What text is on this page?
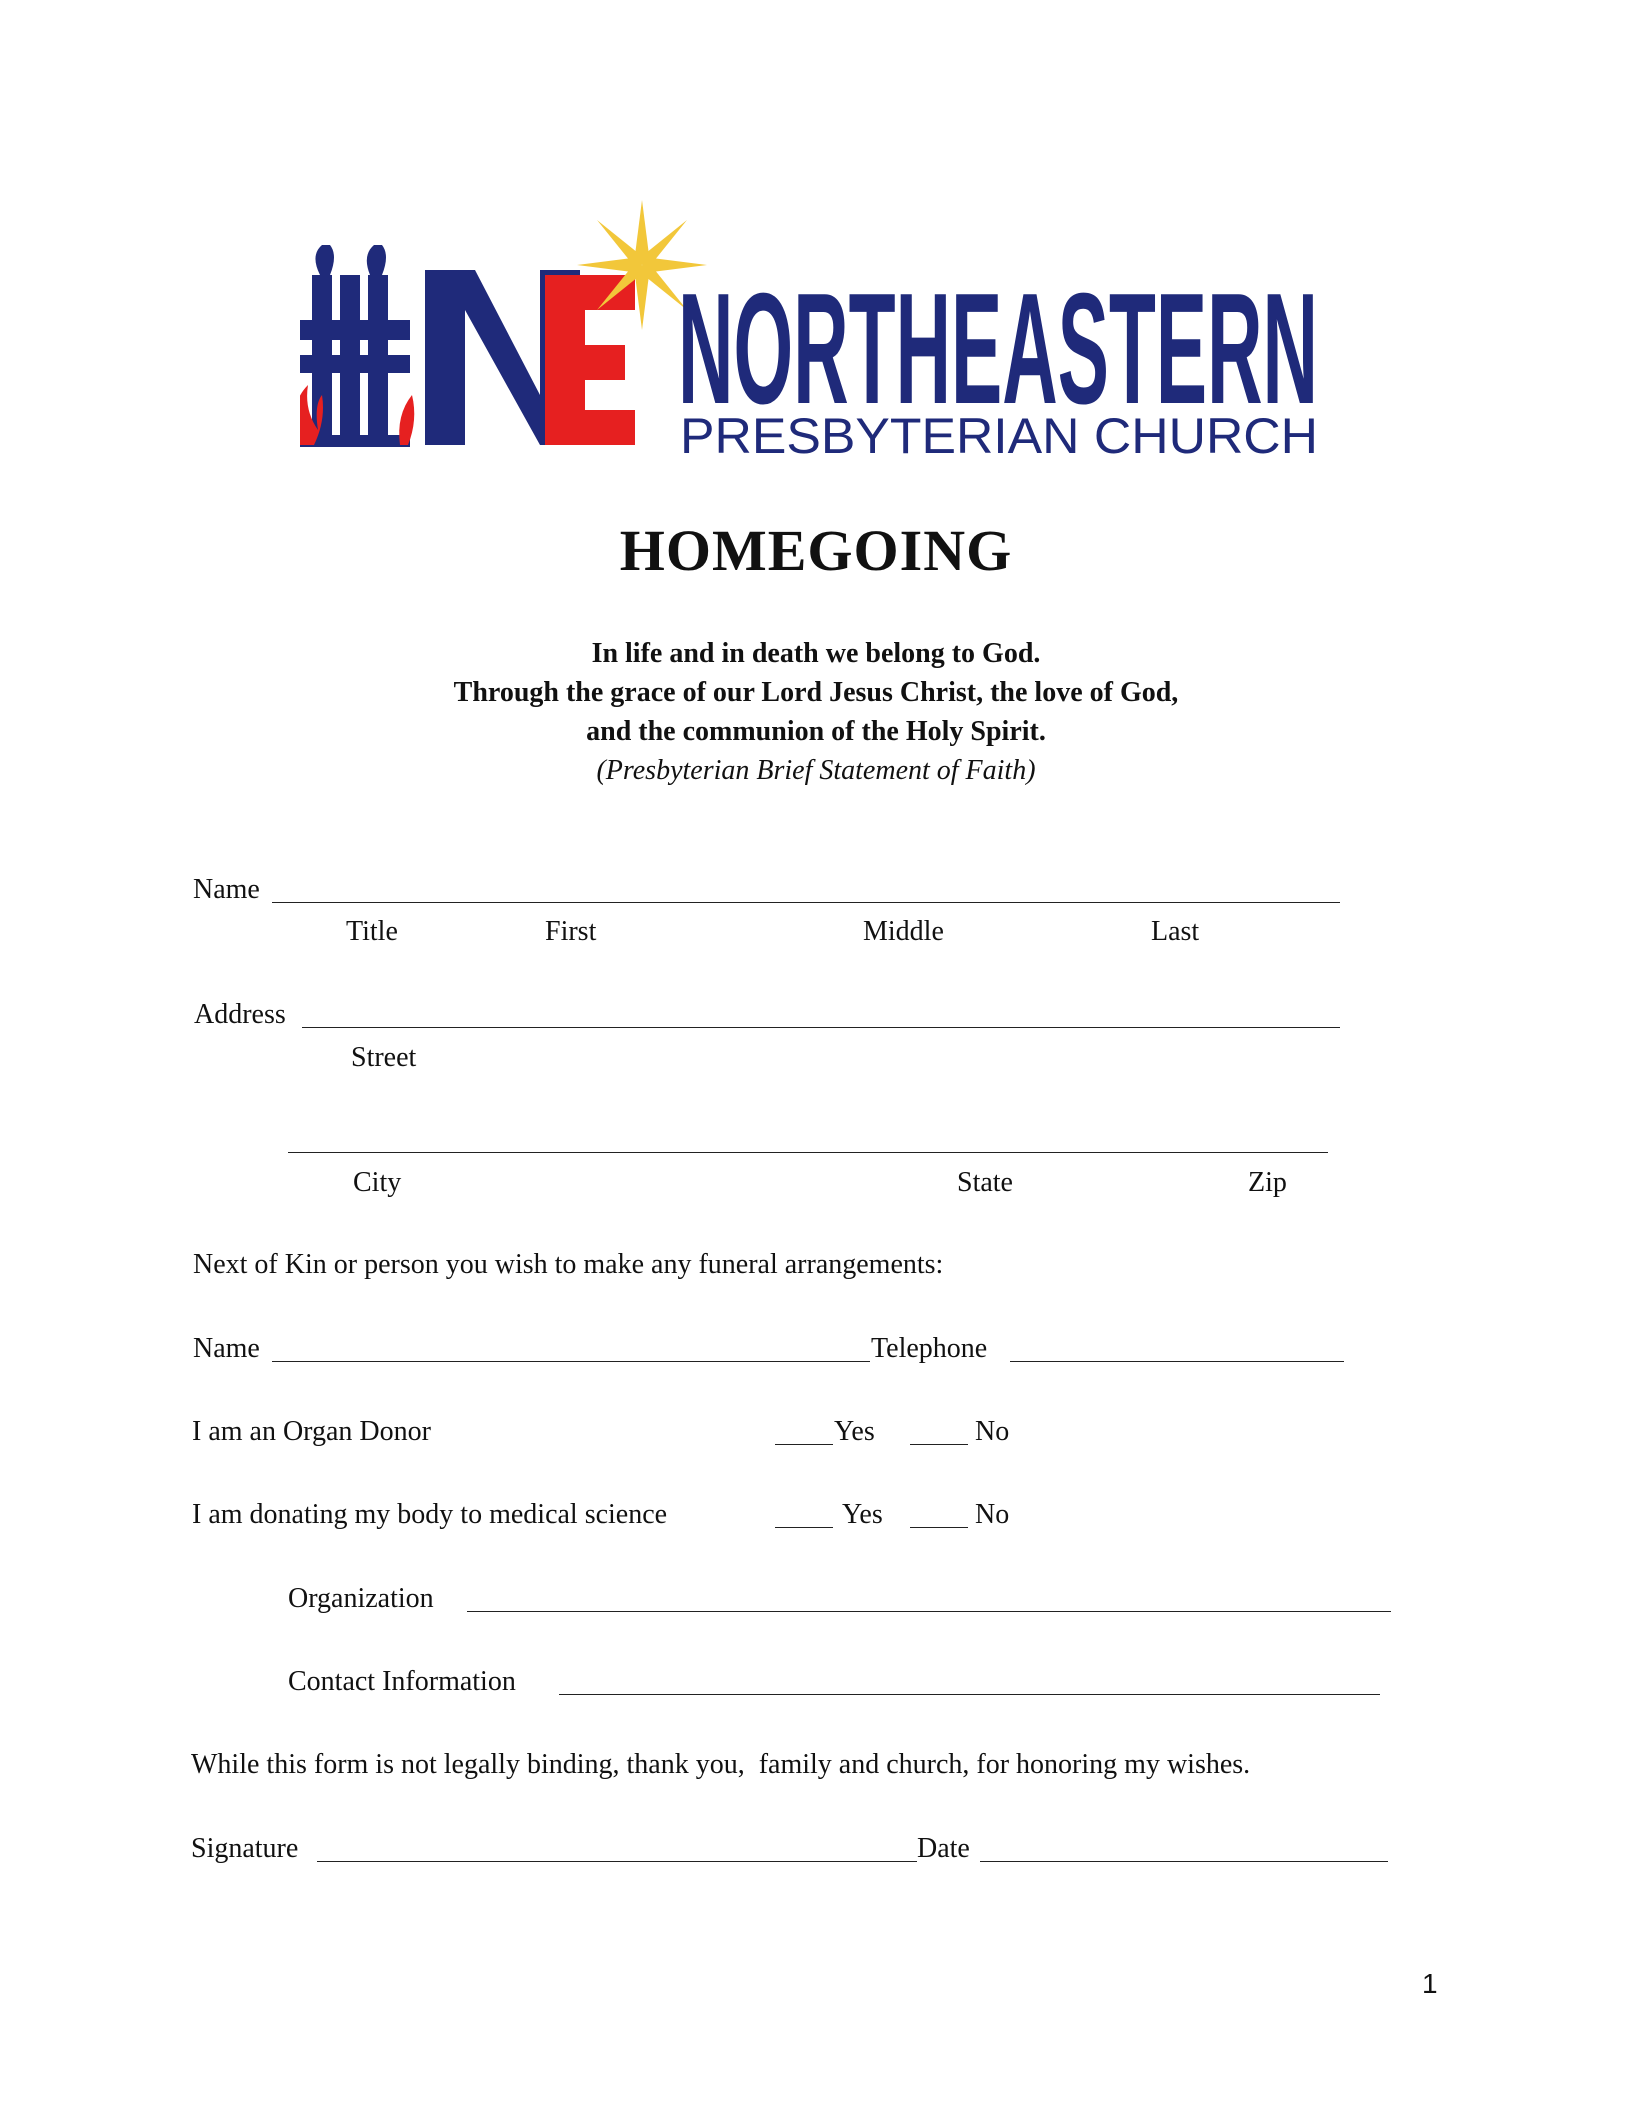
NORTHEASTERN
PRESBYTERIAN CHURCH
NE
HOMEGOING
In life and in death we belong to God.
Through the grace of our Lord Jesus Christ, the love of God,
and the communion of the Holy Spirit.
(Presbyterian Brief Statement of Faith)
Name
Title	First	Middle	Last
Address
Street
City	State	Zip
Next of Kin or person you wish to make any funeral arrangements:
Name	Telephone
I am an Organ Donor	Yes	No
I am donating my body to medical science	Yes	No
Organization
Contact Information
While this form is not legally binding, thank you,  family and church, for honoring my wishes.
Signature	Date
1
